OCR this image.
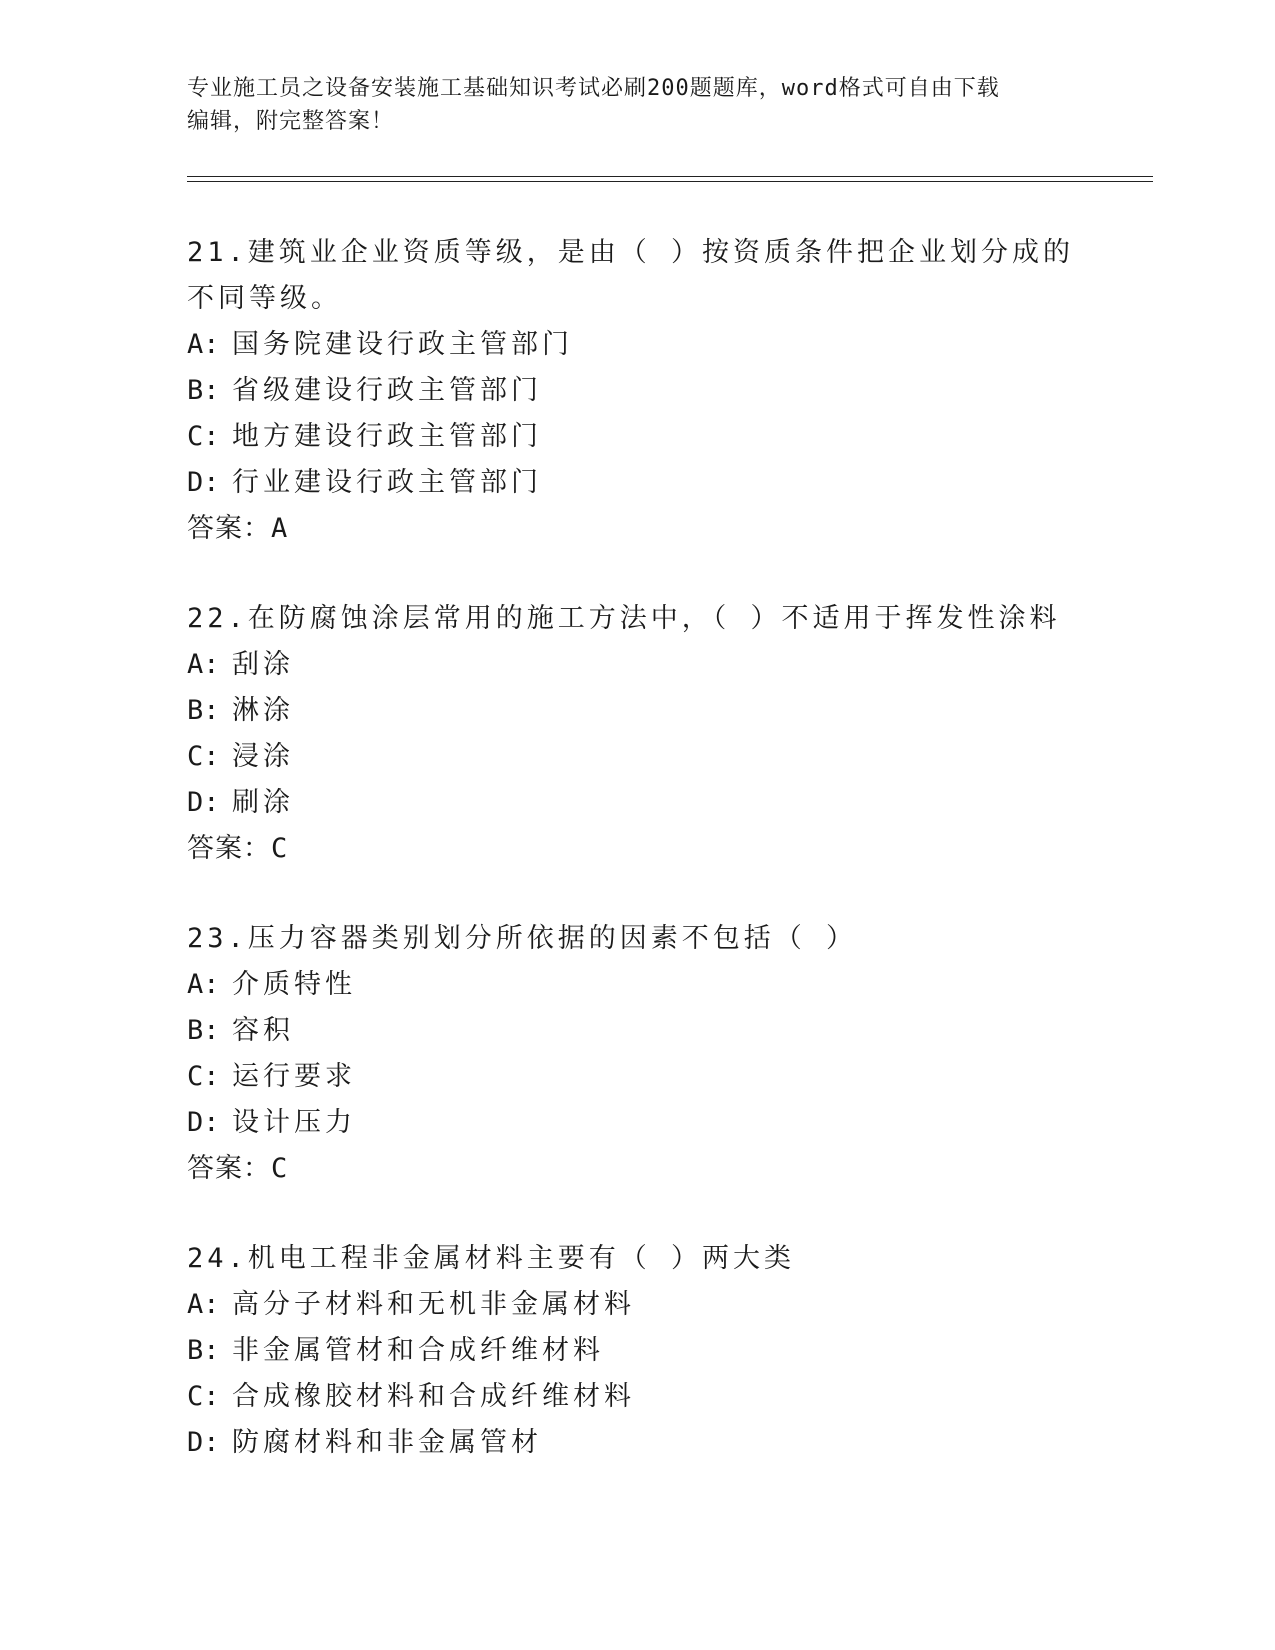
专业施工员之设备安装施工基础知识考试必刷200题题库，word格式可自由下载
编辑，附完整答案！
21.建筑业企业资质等级，是由（ ）按资质条件把企业划分成的不同等级。
A: 国务院建设行政主管部门
B: 省级建设行政主管部门
C: 地方建设行政主管部门
D: 行业建设行政主管部门
答案：A
22.在防腐蚀涂层常用的施工方法中，（ ）不适用于挥发性涂料
A: 刮涂
B: 淋涂
C: 浸涂
D: 刷涂
答案：C
23.压力容器类别划分所依据的因素不包括（ ）
A: 介质特性
B: 容积
C: 运行要求
D: 设计压力
答案：C
24.机电工程非金属材料主要有（ ）两大类
A: 高分子材料和无机非金属材料
B: 非金属管材和合成纤维材料
C: 合成橡胶材料和合成纤维材料
D: 防腐材料和非金属管材
